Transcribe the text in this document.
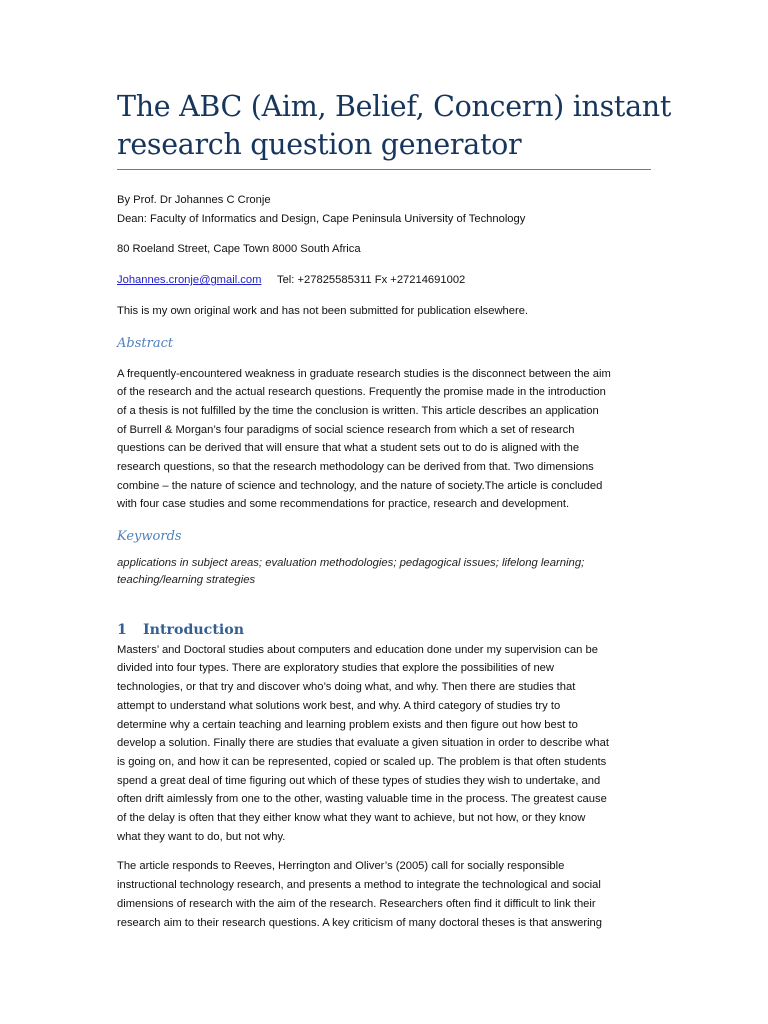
The ABC (Aim, Belief, Concern) instant
research question generator

By Prof. Dr Johannes C Cronje

Dean: Faculty of Informatics and Design, Cape Peninsula University of Technology

80 Roeland Street, Cape Town 8000 South Africa

Johannes.cronje@gmail.com Tel: +27825585311 Fx +27214691002

This is my own original work and has not been submitted for publication elsewhere.

Abstract
A frequently-encountered weakness in graduate research studies is the disconnect between the aim
of the research and the actual research questions. Frequently the promise made in the introduction
of a thesis is not fulfilled by the time the conclusion is written. This article describes an application
of Burrell & Morgan’s four paradigms of social science research from which a set of research
questions can be derived that will ensure that what a student sets out to do is aligned with the
research questions, so that the research methodology can be derived from that. Two dimensions
combine – the nature of science and technology, and the nature of society.The article is concluded
with four case studies and some recommendations for practice, research and development.
Keywords
applications in subject areas; evaluation methodologies; pedagogical issues; lifelong learning;
teaching/learning strategies
1 Introduction
Masters’ and Doctoral studies about computers and education done under my supervision can be
divided into four types. There are exploratory studies that explore the possibilities of new
technologies, or that try and discover who’s doing what, and why. Then there are studies that
attempt to understand what solutions work best, and why. A third category of studies try to
determine why a certain teaching and learning problem exists and then figure out how best to
develop a solution. Finally there are studies that evaluate a given situation in order to describe what
is going on, and how it can be represented, copied or scaled up. The problem is that often students
spend a great deal of time figuring out which of these types of studies they wish to undertake, and
often drift aimlessly from one to the other, wasting valuable time in the process. The greatest cause
of the delay is often that they either know what they want to achieve, but not how, or they know
what they want to do, but not why.
The article responds to Reeves, Herrington and Oliver’s (2005) call for socially responsible
instructional technology research, and presents a method to integrate the technological and social
dimensions of research with the aim of the research. Researchers often find it difficult to link their
research aim to their research questions. A key criticism of many doctoral theses is that answering
